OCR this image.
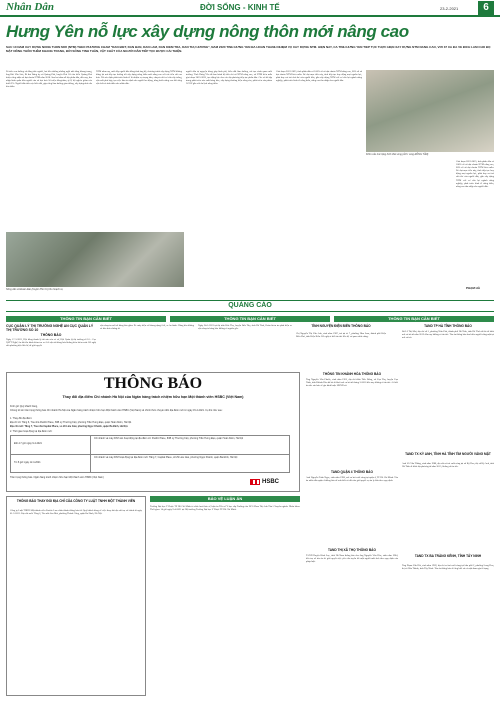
Nhân Dân	ĐỜI SỐNG - KINH TẾ	23-2-2021	6
Hưng Yên nỗ lực xây dựng nông thôn mới nâng cao
SAU 10 NĂM XÂY DỰNG NÔNG THÔN MỚI (NTM) THEO PHƯƠNG CHÂM "DÂN BIẾT, DÂN BÀN, DÂN LÀM, DÂN KIỂM TRA, DÂN THỤ HƯỞNG", NĂM 2020 TỈNH HƯNG YÊN ĐÃ HOÀN THÀNH NHIỆM VỤ XÂY DỰNG NTM. HIỆN NAY, CẢ TỈNH HƯNG YÊN TIẾP TỤC THỰC HIỆN XÂY DỰNG NTM NÂNG CAO, VỚI 37 XÃ ĐÃ VỀ ĐÍCH LÀM CHO BỘ MẶT NÔNG THÔN THÊM KHANG TRANG, ĐỜI SỐNG TINH THẦN, VẬT CHẤT CỦA NGƯỜI DÂN TIẾP TỤC ĐƯỢC CẢI THIỆN.
Đi trên con đường xã đông đúc người, hai bên đường những ngôi nhà tầng khang trang, ông Bùi Văn Sơn, Bí thư Đảng ủy xã Quảng Phú, huyện Phù Cừ cho biết: Quảng Phú được công nhận xã đạt chuẩn NTM năm 2018. Sau hai năm nỗ lực phấn đấu, đến nay, thu nhập bình quân đầu người của xã đạt hơn 50 triệu đồng/năm, tỷ lệ hộ nghèo giảm còn dưới 2%. Người dân tích cực hiến đất, góp công làm đường giao thông, xây dựng nhà văn hóa thôn.
NTM năm nay, mới đây người dân đồng tình ủng hộ, chương trình xây dựng NTM không dừng lại mà tiếp tục hướng tới xây dựng nông thôn mới nâng cao với các tiêu chí cao hơn. Xã xác định phát triển kinh tế là nhiệm vụ trọng tâm, chuyển đổi cơ cấu cây trồng, vật nuôi phù hợp, tạo việc làm ổn định cho người lao động, từng bước nâng cao đời sống vật chất và tinh thần cho nhân dân.
người dân tự nguyện đóng góp kinh phí, hiến đất làm đường, cải tạo cảnh quan môi trường. Tỉnh Hưng Yên đã ban hành bộ tiêu chí xã NTM nâng cao, xã NTM kiểu mẫu giai đoạn 2021-2025, tạo động lực cho các địa phương tiếp tục phấn đấu. Các xã đã tập trung phát triển sản xuất hàng hóa, xây dựng thương hiệu nông sản, phát triển sản phẩm OCOP gắn với du lịch nông thôn.
Giai đoạn 2021-2025, tỉnh phấn đấu có 100% số xã đạt chuẩn NTM nâng cao, 60% số xã đạt chuẩn NTM kiểu mẫu. Để đạt mục tiêu này, tỉnh tiếp tục huy động mọi nguồn lực, phát huy vai trò chủ thể của người dân, gắn xây dựng NTM với cơ cấu lại ngành nông nghiệp, phát triển kinh tế nông thôn, nâng cao thu nhập cho người dân.
Nông dân xã Đoàn Đào (huyện Phù Cừ) thu hoạch vụ
Khôn cấu trúc tặng hình thái vùng (Ảnh: vùng ĐỒNG TÂM)
Giai đoạn 2021-2025, tỉnh phấn đấu có 100% số xã đạt chuẩn NTM nâng cao, 60% số xã đạt chuẩn NTM kiểu mẫu. Để đạt mục tiêu này, tỉnh tiếp tục huy động mọi nguồn lực, phát huy vai trò chủ thể của người dân, gắn xây dựng NTM với cơ cấu lại ngành nông nghiệp, phát triển kinh tế nông thôn, nâng cao thu nhập cho người dân.
PHẠM HÀ
QUẢNG CÁO
THÔNG TIN BẠN CẦN BIẾT	THÔNG TIN BẠN CẦN BIẾT	THÔNG TIN BẠN CẦN BIẾT
CỤC QUẢN LÝ THỊ TRƯỜNG NGHỆ AN CỤC QUẢN LÝ THỊ TRƯỜNG SỐ 10
THÔNG BÁO
Ngày 17-3-2021, Hội đồng thanh lý tài sản của cơ sở, Đội Quản lý thị trường số 10 - Cục QLTT Nghệ An đã tiến hành kiểm tra xe ô tô vận tải hàng hóa không biển kiểm soát. Đề nghị chủ phương tiện liên hệ để giải quyết.
vận chuyển mới số hàng hóa gồm: Xe máy điện có khung dạng ô tô, xe ba bánh. Hàng hóa không có hóa đơn chứng từ.
Ngày 24-1-2021 tại thị trấn Đức Thọ, huyện Đức Thọ, tỉnh Hà Tĩnh, Đoàn kiểm tra phát hiện xe vận chuyển hàng hóa không rõ nguồn gốc.
TÌNH NGUYỆN ĐIỆN BIÊN THÔNG BÁO
Chị Nguyễn Thị Vân Anh, sinh năm 1987, trú tại tổ 7, phường Him Lam, thành phố Điện Biên Phủ, tỉnh Điện Biên. Đề nghị ai biết tin tức liên hệ cơ quan chức năng.
THÔNG BÁO
Thay đổi địa điểm Chi nhánh Hà Nội của Ngân hàng trách nhiệm hữu hạn Một thành viên HSBC (Việt Nam)
Kính gửi Quý khách hàng,
Chúng tôi xin trân trọng thông báo Chi nhánh Hà Nội của Ngân hàng trách nhiệm hữu hạn Một thành viên HSBC (Việt Nam) sẽ chính thức chuyển đến địa điểm mới từ ngày 15-4-2021. Cụ thể như sau:
1. Thay đổi địa điểm:
Địa chỉ cũ: Tầng 6, Tòa nhà Pacific Place, 83B Lý Thường Kiệt, phường Trần Hưng Đạo, quận Hoàn Kiếm, Hà Nội.
Địa chỉ mới: Tầng 7, Tòa nhà Capital Place, số 29 Liễu Giai, phường Ngọc Khánh, quận Ba Đình, Hà Nội.
2. Thời gian hoạt động tại địa điểm mới:
Đến 17 giờ ngày 9-4-2021
Chi nhánh và máy ATM vẫn hoạt động tại địa điểm cũ: Pacific Place, 83B Lý Thường Kiệt, phường Trần Hưng Đạo, quận Hoàn Kiếm, Hà Nội
Từ 8 giờ ngày 12-4-2021
Chi nhánh và máy ATM hoạt động tại địa điểm mới: Tầng 7, Capital Place, số 29 Liễu Giai, phường Ngọc Khánh, quận Ba Đình, Hà Nội
Trân trọng thông báo. Ngân hàng trách nhiệm hữu hạn Một thành viên HSBC (Việt Nam)
HSBC
THÔNG BÁO THAY ĐỔI ĐỊA CHỈ CỦA CÔNG TY LUẬT TNHH MỘT THÀNH VIÊN
Công ty Luật TNHH Một thành viên Pacific Law chân thành thông báo tới Quý khách hàng về việc thay đổi địa chỉ trụ sở chính từ ngày 01-3-2021. Địa chỉ mới: Tầng 6, Tòa nhà Sao Mai, phường Thành Công, quận Ba Đình, Hà Nội.
BẢO VỆ LUẬN ÁN
Trường Đại học Y Dược TP Hồ Chí Minh tổ chức buổi bảo vệ luận án Tiến sĩ Y học cấp Trường cho NCS Phan Thị Anh Thư. Chuyên ngành: Nhãn khoa. Thời gian: 14 giờ ngày 9-4-2021 tại Hội trường Trường Đại học Y Dược TP Hồ Chí Minh.
THÔNG TIN KHÁNH HÒA THÔNG BÁO
Ông Nguyễn Văn Phước, sinh năm 1965, địa chỉ thôn Tiến Đông, xã Vạn Thọ, huyện Vạn Ninh, tỉnh Khánh Hòa đã bỏ đi khỏi nơi cư trú từ tháng 3-2016 đến nay không rõ tin tức. Ai biết tin tức xin báo về gia đình hoặc UBND xã.
TAND QUẬN 4 THÔNG BÁO
Anh Nguyễn Tuấn Ngọc, sinh năm 1990, nơi cư trú cuối cùng tại quận 4, TP Hồ Chí Minh. Tòa án nhân dân quận 4 thông báo để anh biết và đến tòa giải quyết vụ án ly hôn theo quy định.
TAND THỊ XÃ THỌ THÔNG BÁO
TAND Huyện Bình Lục, tỉnh Hà Nam thông báo cho ông Nguyễn Văn Hòa, sinh năm 1984, đến trụ sở tòa án để giải quyết việc yêu cầu tuyên bố một người mất tích theo quy định của pháp luật.
TAND TP HÀ TĨNH THÔNG BÁO
Bà Lê Thị Mai, địa chỉ số 5, phường Trần Phú, thành phố Hà Tĩnh, tỉnh Hà Tĩnh đã bỏ đi khỏi nơi cư trú từ năm 2012 đến nay không có tin tức. Tòa án thông báo tìm kiếm người vắng mặt tại nơi cư trú.
TAND TX KỲ ANH, TỈNH HÀ TĨNH TÌM NGƯỜI VẮNG MẶT
Anh Võ Văn Thắng, sinh năm 1988, địa chỉ cư trú cuối cùng tại xã Kỳ Hoa, thị xã Kỳ Anh, tỉnh Hà Tĩnh đi khỏi địa phương từ năm 2015, không rõ tin tức.
TAND TX BA TRÀNG KÊNH, TỈNH TÂY NINH
Ông Phạm Văn Hải, sinh năm 1969, địa chỉ cư trú cuối cùng tại khu phố 2, phường Long Hoa, thị xã Hòa Thành, tỉnh Tây Ninh. Tòa án thông báo để ông biết và có mặt tham gia tố tụng.
